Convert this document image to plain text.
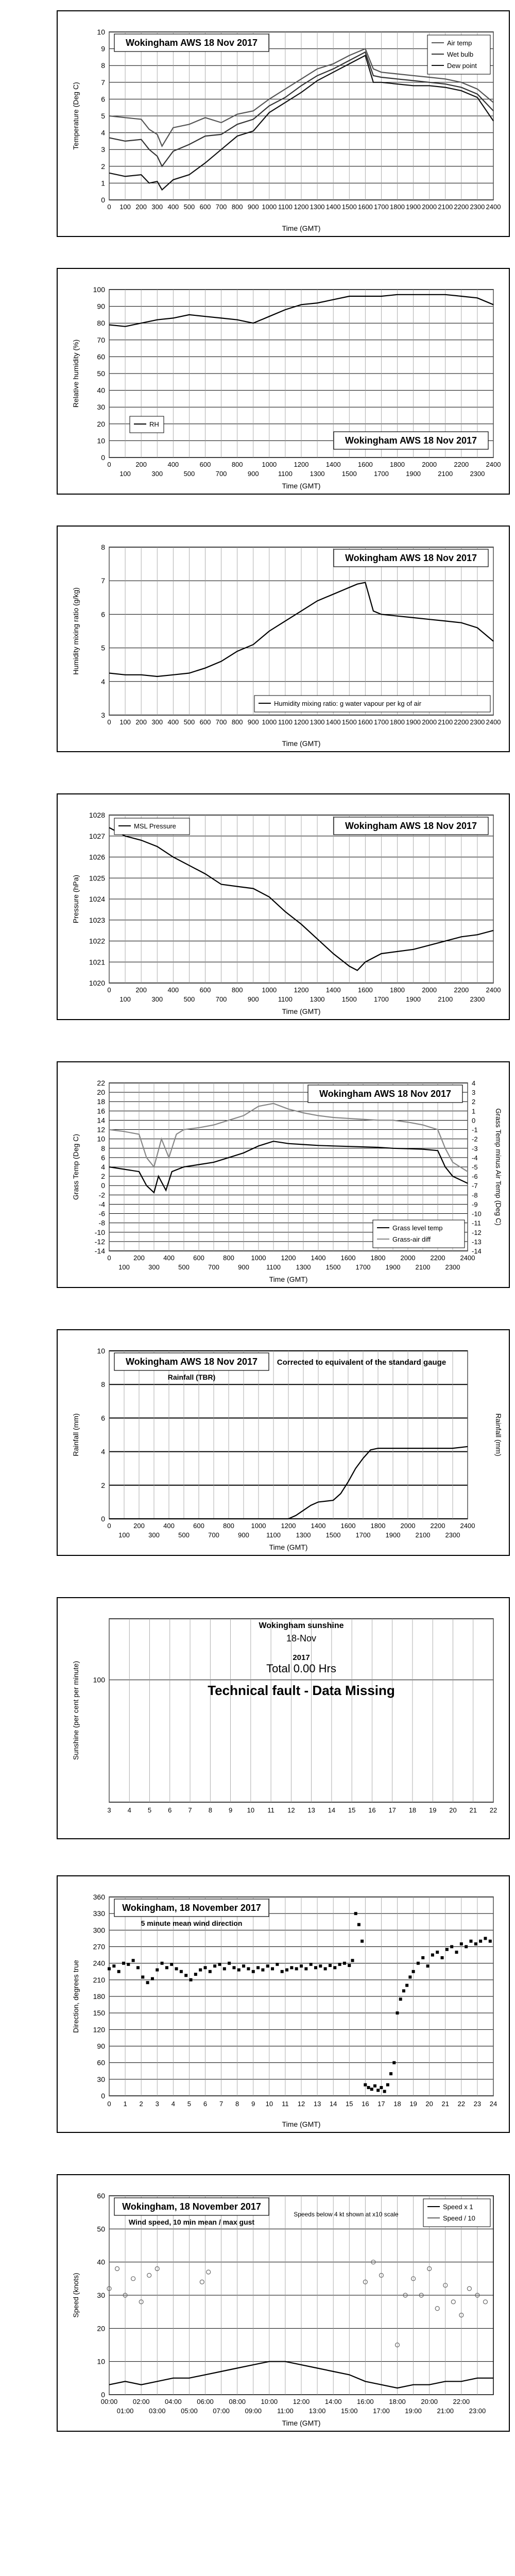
0
1
2
3
4
5
6
7
8
9
10
0 100 200 300 400 500 600 700 800 900 1000 1100 1200 1300 1400 1500 1600 1700 1800 1900 2000 2100 2200 2300 2400
Time (GMT)
Temperature (Deg C)
Wokingham AWS 18 Nov 2017	Air temp
Wet bulb
Dew point
0
10
20
30
40
50
60
70
80
90
100
0	200	400	600	800	1000	1200	1400	1600	1800	2000	2200	2400
100	300	500	700	900	1100	1300	1500	1700	1900	2100	2300
Time (GMT)
Relative humidity (%)
Wokingham AWS 18 Nov 2017
RH
3
4
5
6
7
8
0 100 200 300 400 500 600 700 800 900 1000 1100 1200 1300 1400 1500 1600 1700 1800 1900 2000 2100 2200 2300 2400
Time (GMT)
Humidity mixing ratio (g/kg)
Wokingham AWS 18 Nov 2017
Humidity mixing ratio: g water vapour per kg of air
1020
1021
1022
1023
1024
1025
1026
1027
1028
0	200	400	600	800	1000	1200	1400	1600	1800	2000	2200	2400
100	300	500	700	900	1100	1300	1500	1700	1900	2100	2300
Time (GMT)
Pressure (hPa)
Wokingham AWS 18 Nov 2017
MSL Pressure
-14
-12
-10
-8
-6
-4
-2
0
2
4
6
8
10
12
14
16
18
20
22
-14
-13
-12
-11
-10
-9
-8
-7
-6
-5
-4
-3
-2
-1
0
1
2
3
4
0	200	400	600	800	1000 1200 1400 1600 1800 2000 2200 2400
100	300	500	700	900	1100 1300 1500 1700 1900 2100 2300
Time (GMT)
Grass Temp (Deg C)	Grass Temp minus Air Temp (Deg C)
Wokingham AWS 18 Nov 2017
Grass level temp
Grass-air diff
0
2
4
6
8
10
0	200	400	600	800	1000 1200 1400 1600 1800 2000 2200 2400
100	300	500	700	900	1100 1300 1500 1700 1900 2100 2300
Time (GMT)
Rainfall (mm)	Rainfall (mm)
Wokingham AWS 18 Nov 2017
Rainfall (TBR)
Corrected to equivalent of the standard gauge
100
3 4 5 6 7 8 9 10 11 12 13 14 15 16 17 18 19 20 21 22
Sunshine (per cent per minute)
Wokingham sunshine
18-Nov
2017
Total 0.00 Hrs
Technical fault - Data Missing
0
30
60
90
120
150
180
210
240
270
300
330
360
0 1 2 3 4 5 6 7 8 9 10 11 12 13 14 15 16 17 18 19 20 21 22 23 24
Time (GMT)
Direction, degrees true
Wokingham, 18 November 2017
5 minute mean wind direction
0
10
20
30
40
50
60
00:00 02:00 04:00 06:00 08:00 10:00 12:00 14:00 16:00 18:00 20:00 22:00
01:00 03:00 05:00 07:00 09:00 11:00 13:00 15:00 17:00 19:00 21:00 23:00
Time (GMT)
Speed (knots)
Wokingham, 18 November 2017
Wind speed, 10 min mean / max gust
Speeds below 4 kt shown at x10 scale
Speed x 1
Speed / 10
